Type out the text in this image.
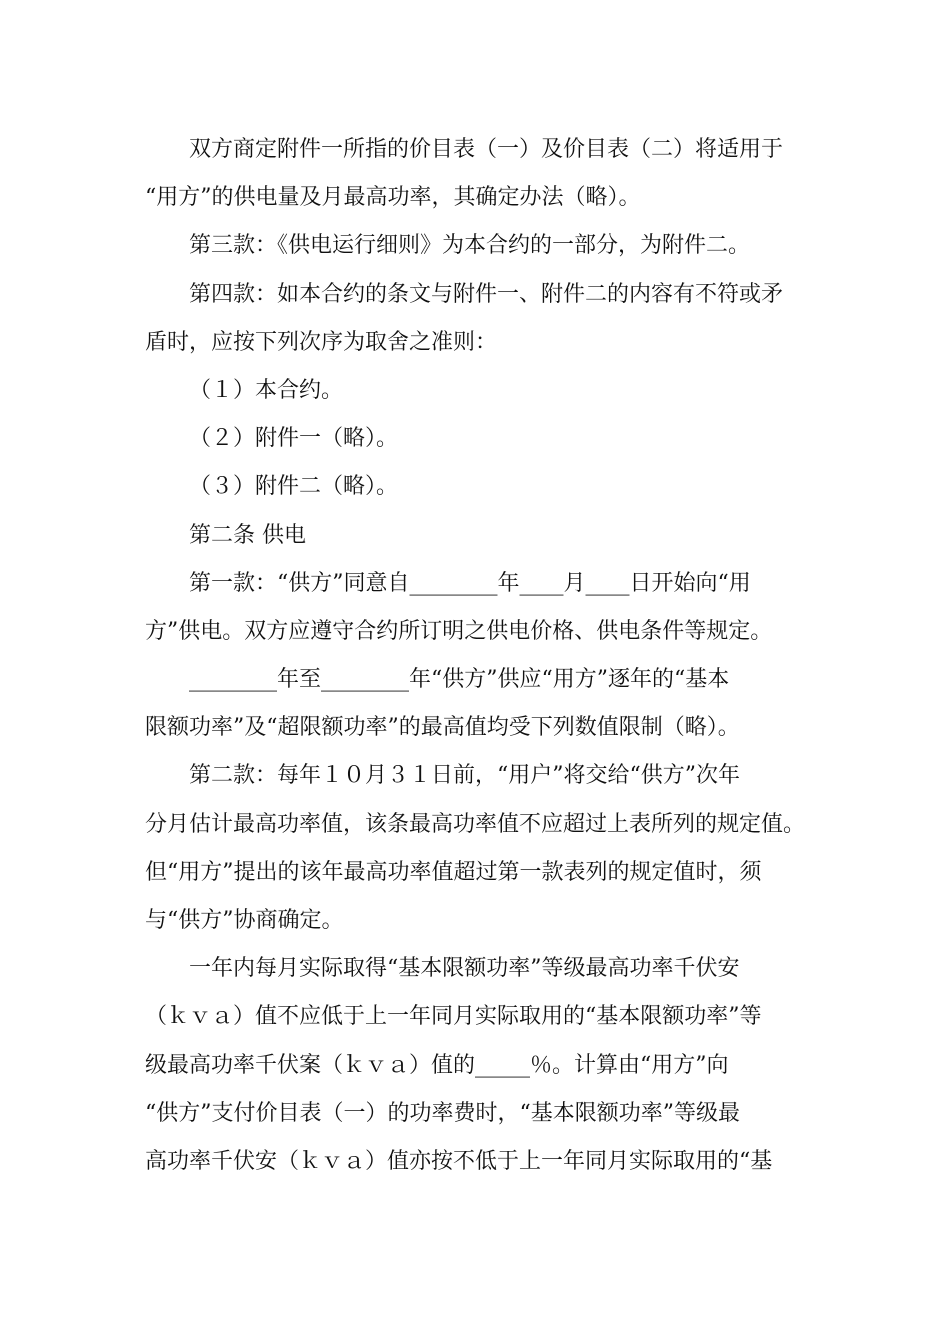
双方商定附件一所指的价目表（一）及价目表（二）将适用于

“用方”的供电量及月最高功率，其确定办法（略）。

第三款：《供电运行细则》为本合约的一部分，为附件二。

第四款：如本合约的条文与附件一、附件二的内容有不符或矛

盾时，应按下列次序为取舍之准则：

（１）本合约。

（２）附件一（略）。

（３）附件二（略）。

第二条 供电

第一款：“供方”同意自________年____月____日开始向“用

方”供电。双方应遵守合约所订明之供电价格、供电条件等规定。

________年至________年“供方”供应“用方”逐年的“基本

限额功率”及“超限额功率”的最高值均受下列数值限制（略）。

第二款：每年１０月３１日前，“用户”将交给“供方”次年

分月估计最高功率值，该条最高功率值不应超过上表所列的规定值。

但“用方”提出的该年最高功率值超过第一款表列的规定值时，须

与“供方”协商确定。

一年内每月实际取得“基本限额功率”等级最高功率千伏安

（ｋｖａ）值不应低于上一年同月实际取用的“基本限额功率”等

级最高功率千伏案（ｋｖａ）值的_____％。计算由“用方”向

“供方”支付价目表（一）的功率费时，“基本限额功率”等级最

高功率千伏安（ｋｖａ）值亦按不低于上一年同月实际取用的“基
